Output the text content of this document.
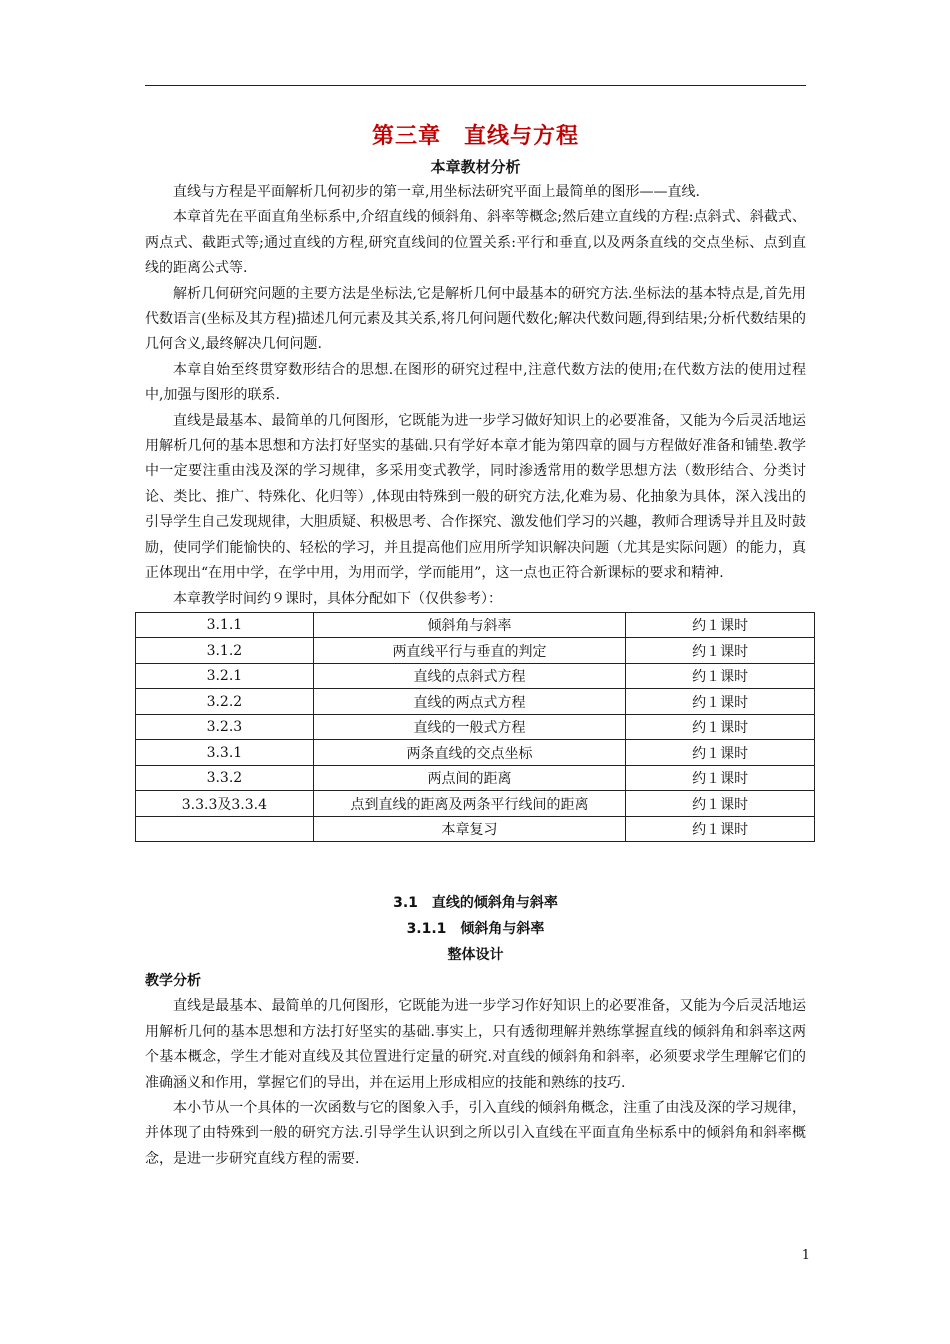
第三章　直线与方程
本章教材分析

直线与方程是平面解析几何初步的第一章,用坐标法研究平面上最简单的图形——直线.

本章首先在平面直角坐标系中,介绍直线的倾斜角、斜率等概念;然后建立直线的方程:点斜式、斜截式、两点式、截距式等;通过直线的方程,研究直线间的位置关系:平行和垂直,以及两条直线的交点坐标、点到直线的距离公式等.

解析几何研究问题的主要方法是坐标法,它是解析几何中最基本的研究方法.坐标法的基本特点是,首先用代数语言(坐标及其方程)描述几何元素及其关系,将几何问题代数化;解决代数问题,得到结果;分析代数结果的几何含义,最终解决几何问题.

本章自始至终贯穿数形结合的思想.在图形的研究过程中,注意代数方法的使用;在代数方法的使用过程中,加强与图形的联系.

直线是最基本、最简单的几何图形，它既能为进一步学习做好知识上的必要准备，又能为今后灵活地运用解析几何的基本思想和方法打好坚实的基础.只有学好本章才能为第四章的圆与方程做好准备和铺垫.教学中一定要注重由浅及深的学习规律，多采用变式教学，同时渗透常用的数学思想方法（数形结合、分类讨论、类比、推广、特殊化、化归等）,体现由特殊到一般的研究方法,化难为易、化抽象为具体，深入浅出的引导学生自己发现规律，大胆质疑、积极思考、合作探究、激发他们学习的兴趣，教师合理诱导并且及时鼓励，使同学们能愉快的、轻松的学习，并且提高他们应用所学知识解决问题（尤其是实际问题）的能力，真正体现出“在用中学，在学中用，为用而学，学而能用”，这一点也正符合新课标的要求和精神.

本章教学时间约９课时，具体分配如下（仅供参考）：

3.1.1	倾斜角与斜率	约１课时
3.1.2	两直线平行与垂直的判定	约１课时
3.2.1	直线的点斜式方程	约１课时
3.2.2	直线的两点式方程	约１课时
3.2.3	直线的一般式方程	约１课时
3.3.1	两条直线的交点坐标	约１课时
3.3.2	两点间的距离	约１课时
3.3.3及3.3.4	点到直线的距离及两条平行线间的距离	约１课时
	本章复习	约１课时
3.1　直线的倾斜角与斜率
3.1.1　倾斜角与斜率
整体设计
教学分析

直线是最基本、最简单的几何图形，它既能为进一步学习作好知识上的必要准备，又能为今后灵活地运用解析几何的基本思想和方法打好坚实的基础.事实上，只有透彻理解并熟练掌握直线的倾斜角和斜率这两个基本概念，学生才能对直线及其位置进行定量的研究.对直线的倾斜角和斜率，必须要求学生理解它们的准确涵义和作用，掌握它们的导出，并在运用上形成相应的技能和熟练的技巧.

本小节从一个具体的一次函数与它的图象入手，引入直线的倾斜角概念，注重了由浅及深的学习规律，并体现了由特殊到一般的研究方法.引导学生认识到之所以引入直线在平面直角坐标系中的倾斜角和斜率概念，是进一步研究直线方程的需要.

1
